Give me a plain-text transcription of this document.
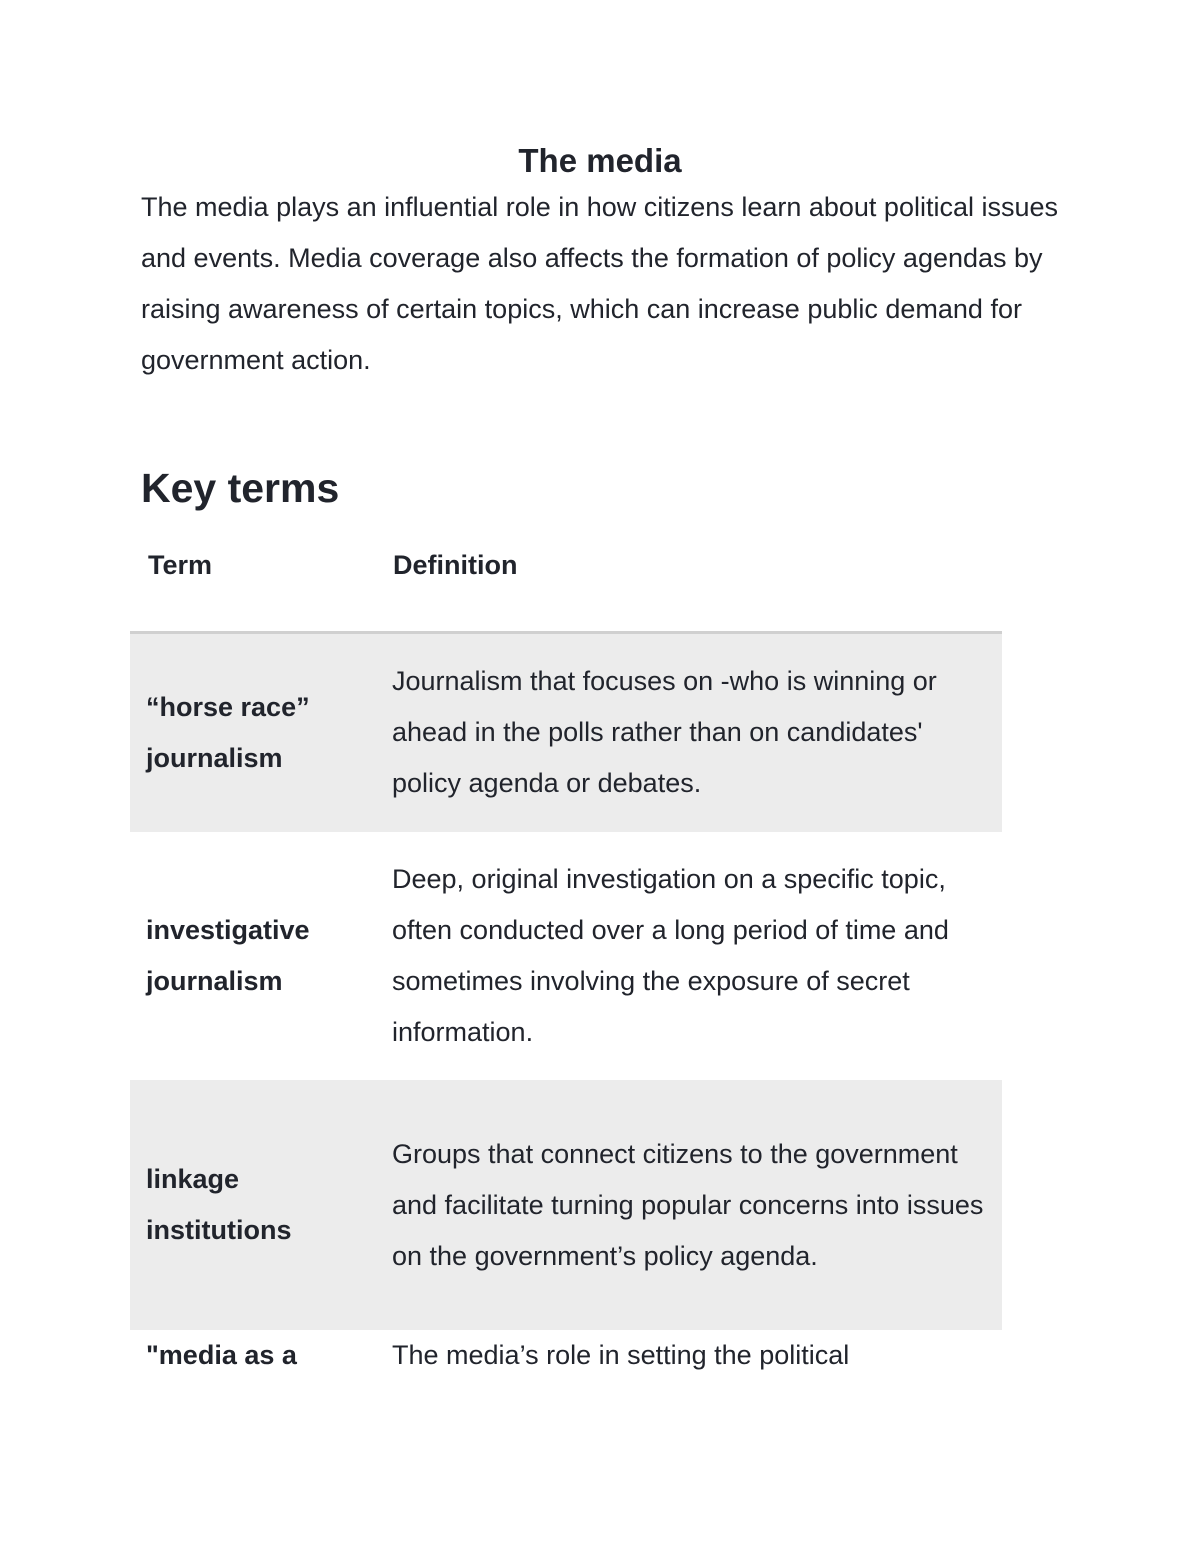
The media

The media plays an influential role in how citizens learn about political issues and events. Media coverage also affects the formation of policy agendas by raising awareness of certain topics, which can increase public demand for government action.

Key terms
Term	Definition
“horse race” journalism	Journalism that focuses on -who is winning or ahead in the polls rather than on candidates' policy agenda or debates.
investigative journalism	Deep, original investigation on a specific topic, often conducted over a long period of time and sometimes involving the exposure of secret information.
linkage institutions	Groups that connect citizens to the government and facilitate turning popular concerns into issues on the government’s policy agenda.
"media as a	The media’s role in setting the political
